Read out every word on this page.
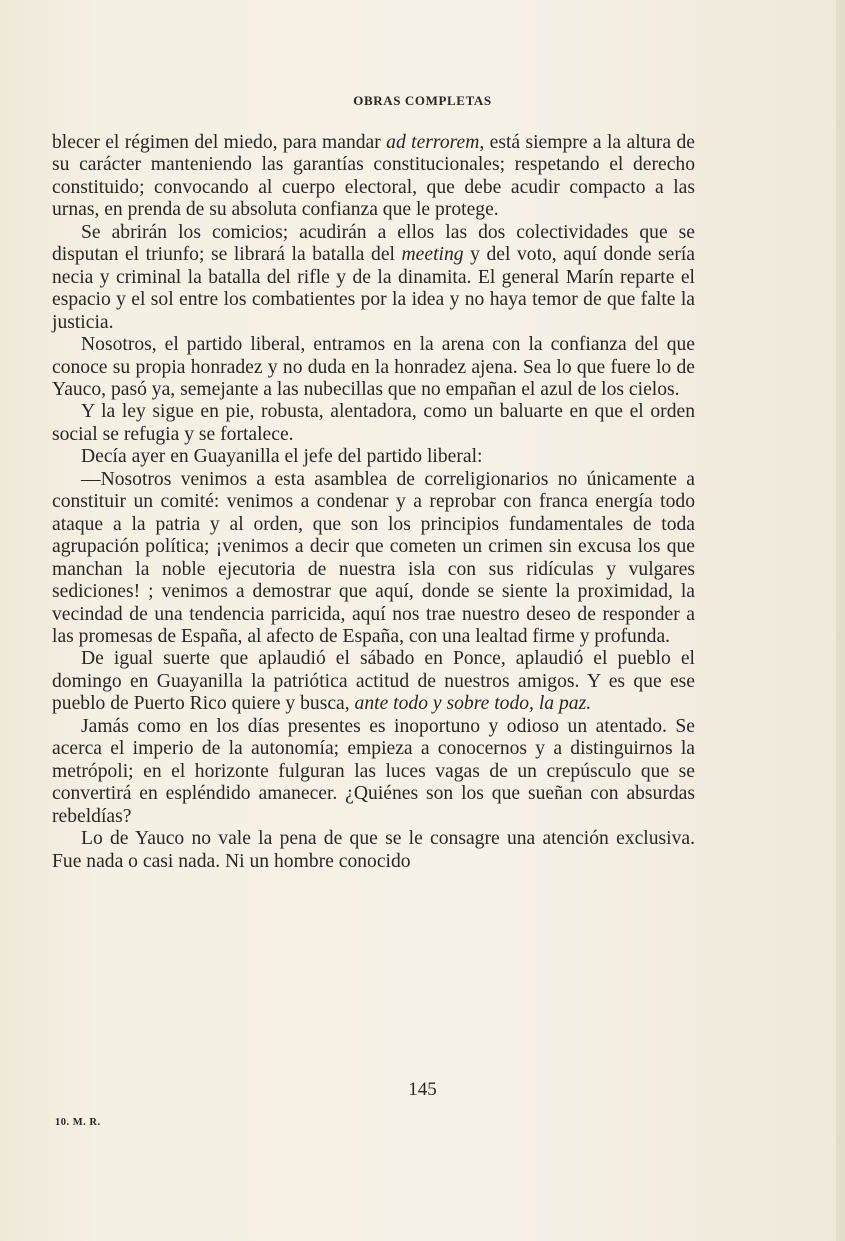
OBRAS COMPLETAS

blecer el régimen del miedo, para mandar ad terrorem, está siempre a la altura de su carácter manteniendo las garantías constitucionales; respetando el derecho constituido; convocando al cuerpo electoral, que debe acudir compacto a las urnas, en prenda de su absoluta confianza que le protege.

Se abrirán los comicios; acudirán a ellos las dos colectividades que se disputan el triunfo; se librará la batalla del meeting y del voto, aquí donde sería necia y criminal la batalla del rifle y de la dinamita. El general Marín reparte el espacio y el sol entre los combatientes por la idea y no haya temor de que falte la justicia.

Nosotros, el partido liberal, entramos en la arena con la confianza del que conoce su propia honradez y no duda en la honradez ajena. Sea lo que fuere lo de Yauco, pasó ya, semejante a las nubecillas que no empañan el azul de los cielos.

Y la ley sigue en pie, robusta, alentadora, como un baluarte en que el orden social se refugia y se fortalece.

Decía ayer en Guayanilla el jefe del partido liberal:

—Nosotros venimos a esta asamblea de correligionarios no únicamente a constituir un comité: venimos a condenar y a reprobar con franca energía todo ataque a la patria y al orden, que son los principios fundamentales de toda agrupación política; ¡venimos a decir que cometen un crimen sin excusa los que manchan la noble ejecutoria de nuestra isla con sus ridículas y vulgares sediciones! ; venimos a demostrar que aquí, donde se siente la proximidad, la vecindad de una tendencia parricida, aquí nos trae nuestro deseo de responder a las promesas de España, al afecto de España, con una lealtad firme y profunda.

De igual suerte que aplaudió el sábado en Ponce, aplaudió el pueblo el domingo en Guayanilla la patriótica actitud de nuestros amigos. Y es que ese pueblo de Puerto Rico quiere y busca, ante todo y sobre todo, la paz.

Jamás como en los días presentes es inoportuno y odioso un atentado. Se acerca el imperio de la autonomía; empieza a conocernos y a distinguirnos la metrópoli; en el horizonte fulguran las luces vagas de un crepúsculo que se convertirá en espléndido amanecer. ¿Quiénes son los que sueñan con absurdas rebeldías?

Lo de Yauco no vale la pena de que se le consagre una atención exclusiva. Fue nada o casi nada. Ni un hombre conocido

145
10. M. R.
